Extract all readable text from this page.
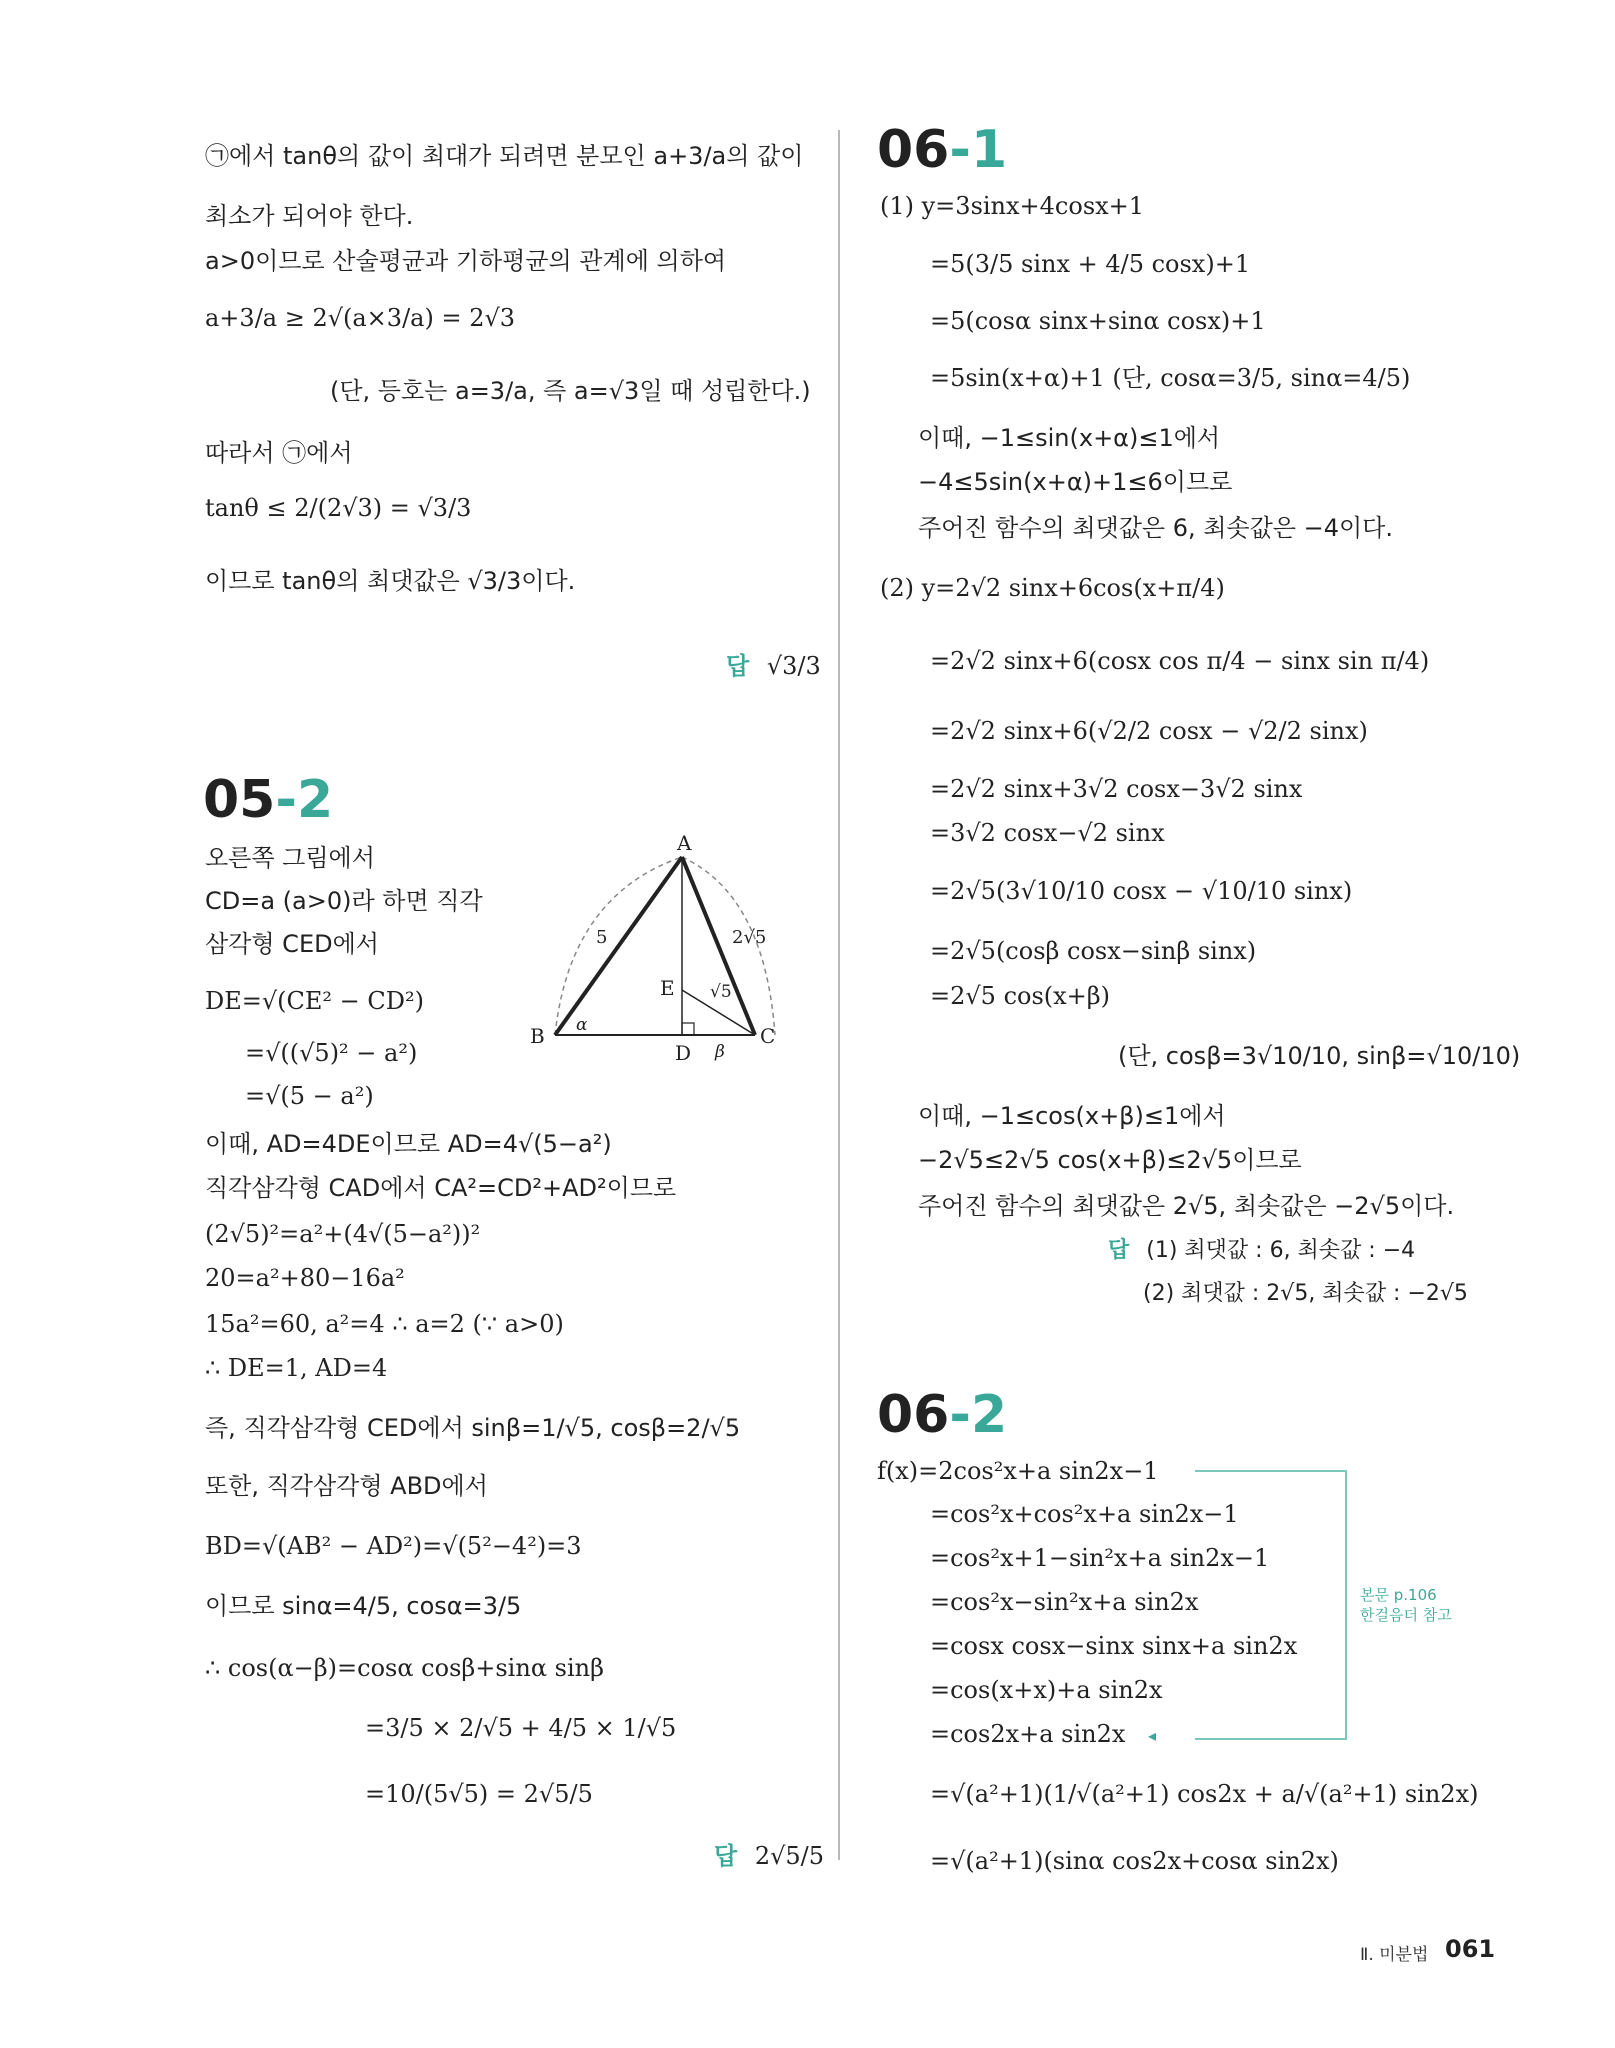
㉠에서 tanθ의 값이 최대가 되려면 분모인 a+3/a의 값이
최소가 되어야 한다.
a>0이므로 산술평균과 기하평균의 관계에 의하여
a+3/a ≥ 2√(a×3/a) = 2√3
(단, 등호는 a=3/a, 즉 a=√3일 때 성립한다.)
따라서 ㉠에서
tanθ ≤ 2/(2√3) = √3/3
이므로 tanθ의 최댓값은 √3/3이다.
답 √3/3
05-2
오른쪽 그림에서
CD=a (a>0)라 하면 직각
삼각형 CED에서
DE=√(CE² − CD²)
=√((√5)² − a²)
=√(5 − a²)
이때, AD=4DE이므로 AD=4√(5−a²)
직각삼각형 CAD에서 CA²=CD²+AD²이므로
(2√5)²=a²+(4√(5−a²))²
20=a²+80−16a²
15a²=60, a²=4 ∴ a=2 (∵ a>0)
∴ DE=1, AD=4
즉, 직각삼각형 CED에서 sinβ=1/√5, cosβ=2/√5
또한, 직각삼각형 ABD에서
BD=√(AB² − AD²)=√(5²−4²)=3
이므로 sinα=4/5, cosα=3/5
∴ cos(α−β)=cosα cosβ+sinα sinβ
=3/5 × 2/√5 + 4/5 × 1/√5
=10/(5√5) = 2√5/5
답 2√5/5
A
B	C
D
E
5	2√5
√5
α
β
06-1
(1) y=3sinx+4cosx+1
=5(3/5 sinx + 4/5 cosx)+1
=5(cosα sinx+sinα cosx)+1
=5sin(x+α)+1 (단, cosα=3/5, sinα=4/5)
이때, −1≤sin(x+α)≤1에서
−4≤5sin(x+α)+1≤6이므로
주어진 함수의 최댓값은 6, 최솟값은 −4이다.
(2) y=2√2 sinx+6cos(x+π/4)
=2√2 sinx+6(cosx cos π/4 − sinx sin π/4)
=2√2 sinx+6(√2/2 cosx − √2/2 sinx)
=2√2 sinx+3√2 cosx−3√2 sinx
=3√2 cosx−√2 sinx
=2√5(3√10/10 cosx − √10/10 sinx)
=2√5(cosβ cosx−sinβ sinx)
=2√5 cos(x+β)
(단, cosβ=3√10/10, sinβ=√10/10)
이때, −1≤cos(x+β)≤1에서
−2√5≤2√5 cos(x+β)≤2√5이므로
주어진 함수의 최댓값은 2√5, 최솟값은 −2√5이다.
답 (1) 최댓값 : 6, 최솟값 : −4
(2) 최댓값 : 2√5, 최솟값 : −2√5
06-2
f(x)=2cos²x+a sin2x−1
=cos²x+cos²x+a sin2x−1
=cos²x+1−sin²x+a sin2x−1
=cos²x−sin²x+a sin2x
=cosx cosx−sinx sinx+a sin2x
=cos(x+x)+a sin2x
=cos2x+a sin2x
=√(a²+1)(1/√(a²+1) cos2x + a/√(a²+1) sin2x)
=√(a²+1)(sinα cos2x+cosα sin2x)
◂
본문 p.106
한걸음더 참고
Ⅱ. 미분법 061
